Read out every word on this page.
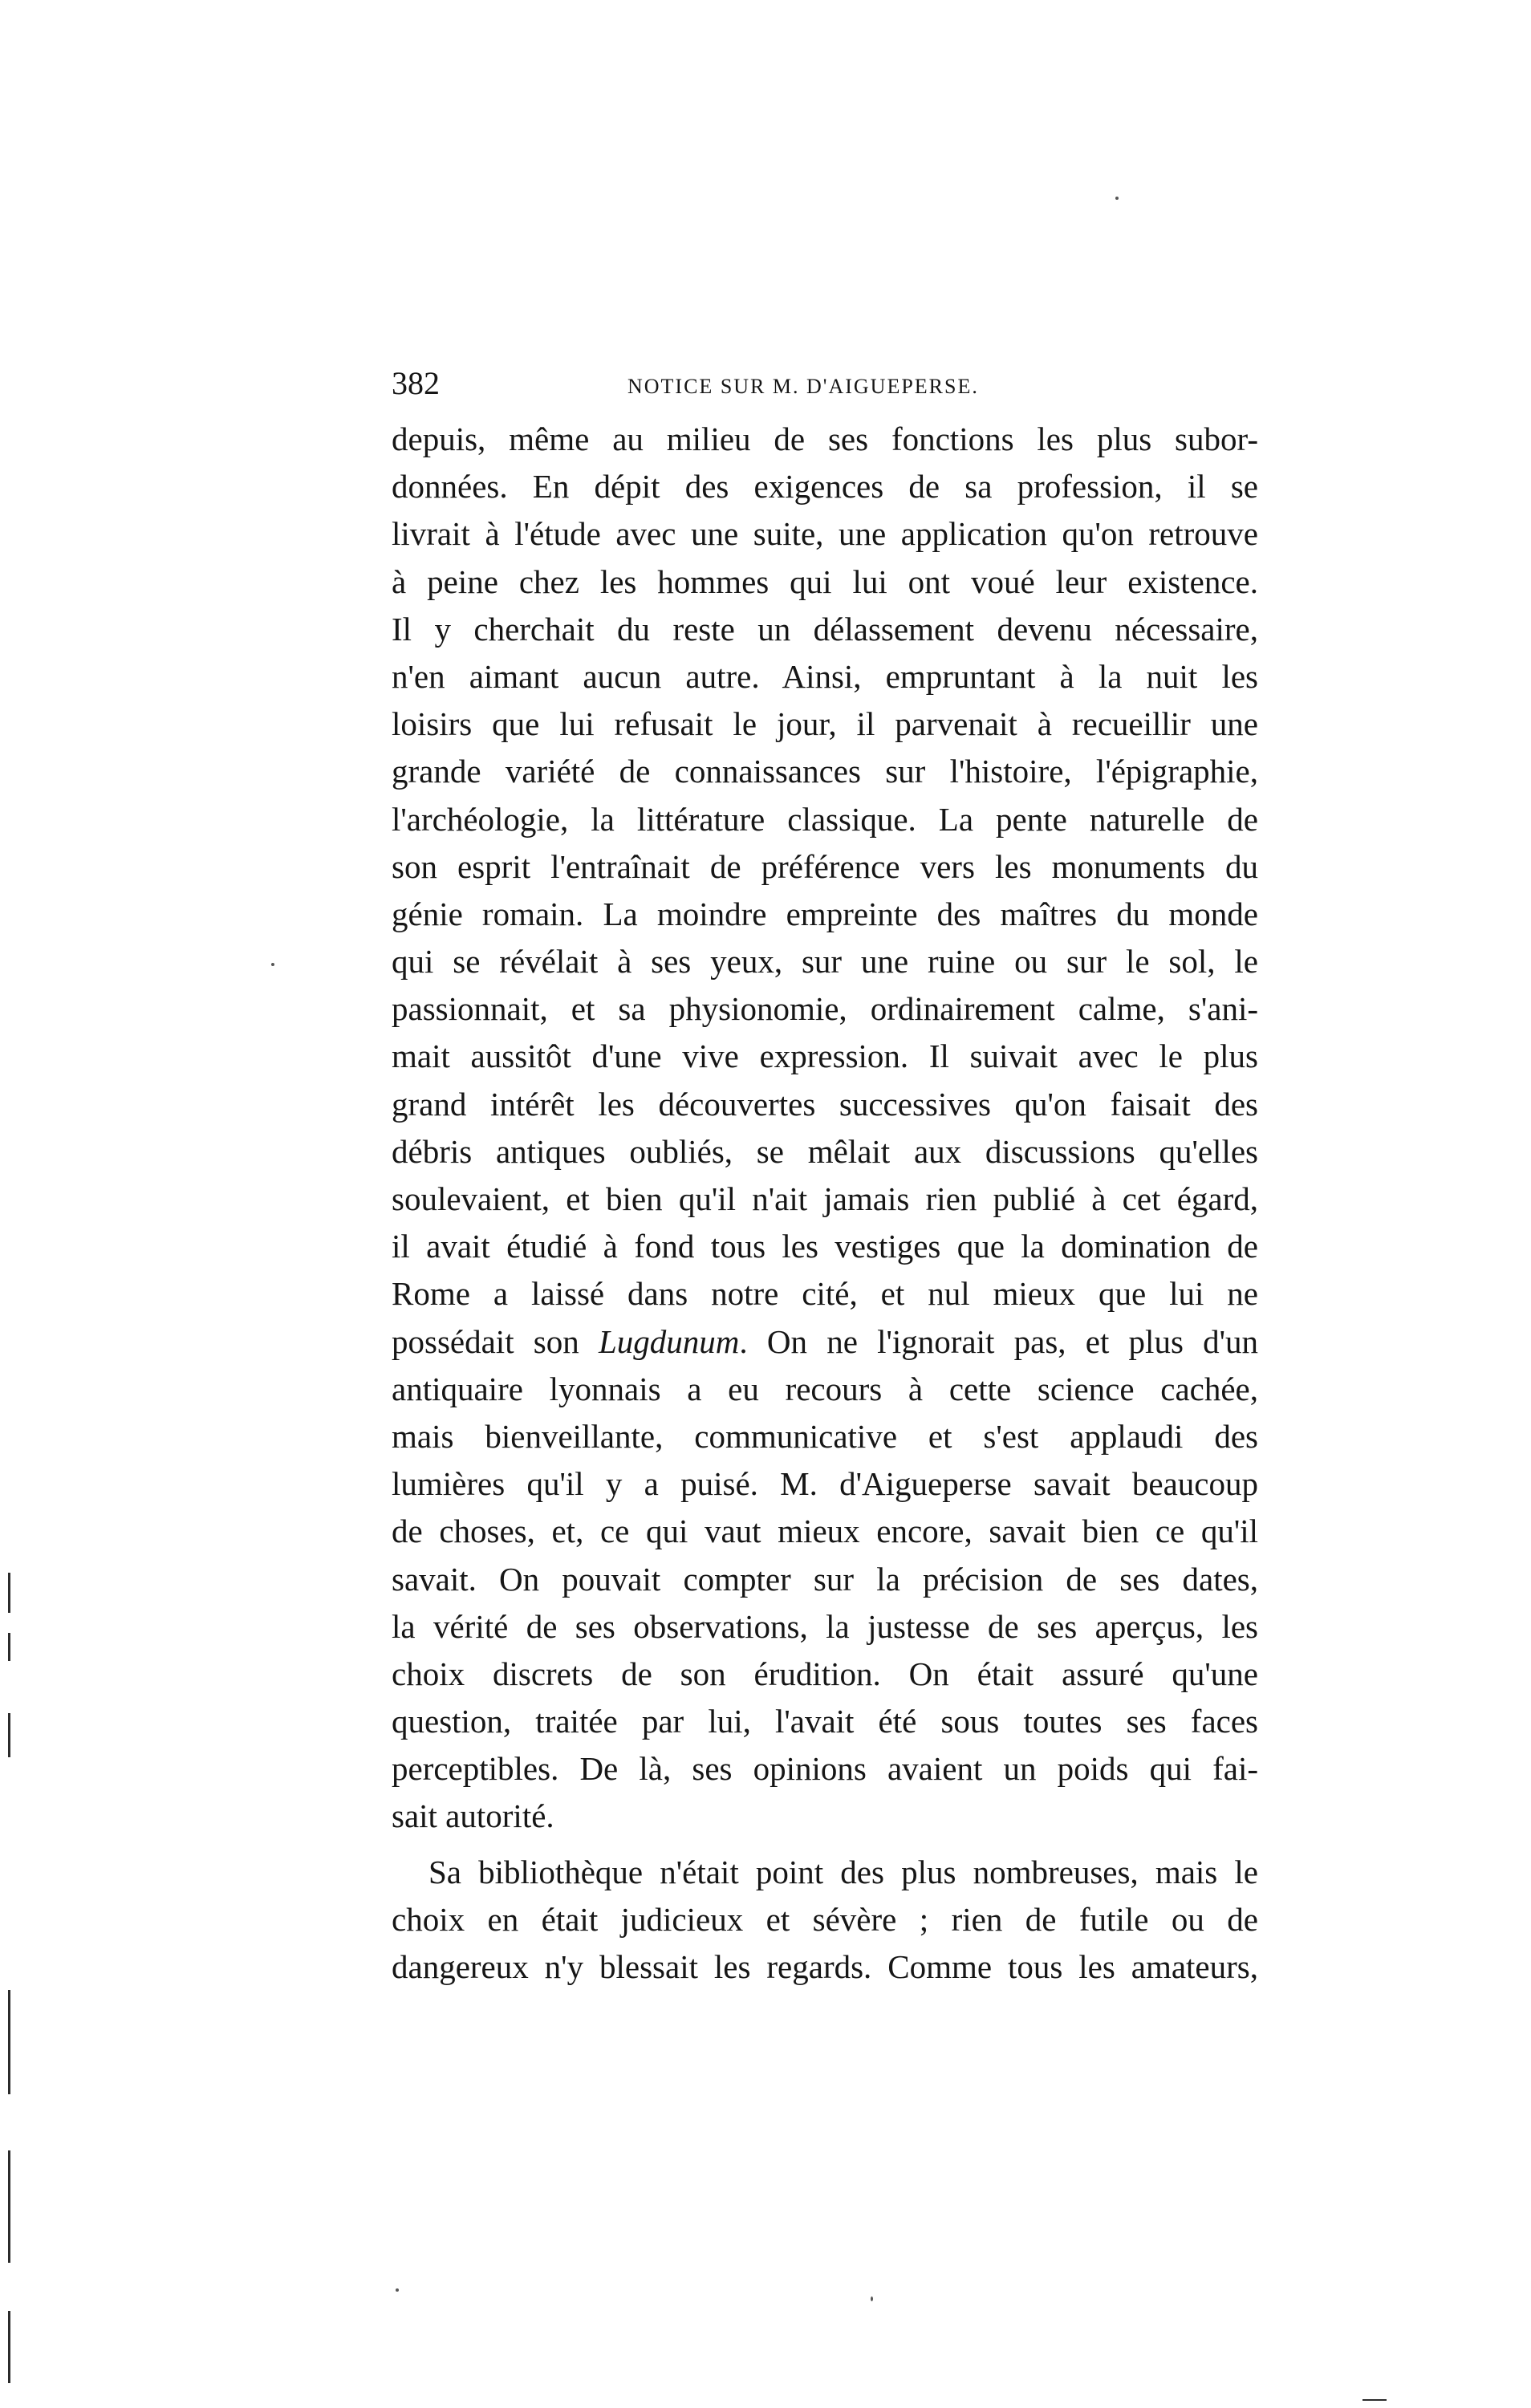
382	NOTICE SUR M. D'AIGUEPERSE.
depuis, même au milieu de ses fonctions les plus subor-
données. En dépit des exigences de sa profession, il se
livrait à l'étude avec une suite, une application qu'on retrouve
à peine chez les hommes qui lui ont voué leur existence.
Il y cherchait du reste un délassement devenu nécessaire,
n'en aimant aucun autre. Ainsi, empruntant à la nuit les
loisirs que lui refusait le jour, il parvenait à recueillir une
grande variété de connaissances sur l'histoire, l'épigraphie,
l'archéologie, la littérature classique. La pente naturelle de
son esprit l'entraînait de préférence vers les monuments du
génie romain. La moindre empreinte des maîtres du monde
qui se révélait à ses yeux, sur une ruine ou sur le sol, le
passionnait, et sa physionomie, ordinairement calme, s'ani-
mait aussitôt d'une vive expression. Il suivait avec le plus
grand intérêt les découvertes successives qu'on faisait des
débris antiques oubliés, se mêlait aux discussions qu'elles
soulevaient, et bien qu'il n'ait jamais rien publié à cet égard,
il avait étudié à fond tous les vestiges que la domination de
Rome a laissé dans notre cité, et nul mieux que lui ne
possédait son Lugdunum. On ne l'ignorait pas, et plus d'un
antiquaire lyonnais a eu recours à cette science cachée,
mais bienveillante, communicative et s'est applaudi des
lumières qu'il y a puisé. M. d'Aigueperse savait beaucoup
de choses, et, ce qui vaut mieux encore, savait bien ce qu'il
savait. On pouvait compter sur la précision de ses dates,
la vérité de ses observations, la justesse de ses aperçus, les
choix discrets de son érudition. On était assuré qu'une
question, traitée par lui, l'avait été sous toutes ses faces
perceptibles. De là, ses opinions avaient un poids qui fai-
sait autorité.
Sa bibliothèque n'était point des plus nombreuses, mais le
choix en était judicieux et sévère ; rien de futile ou de
dangereux n'y blessait les regards. Comme tous les amateurs,
